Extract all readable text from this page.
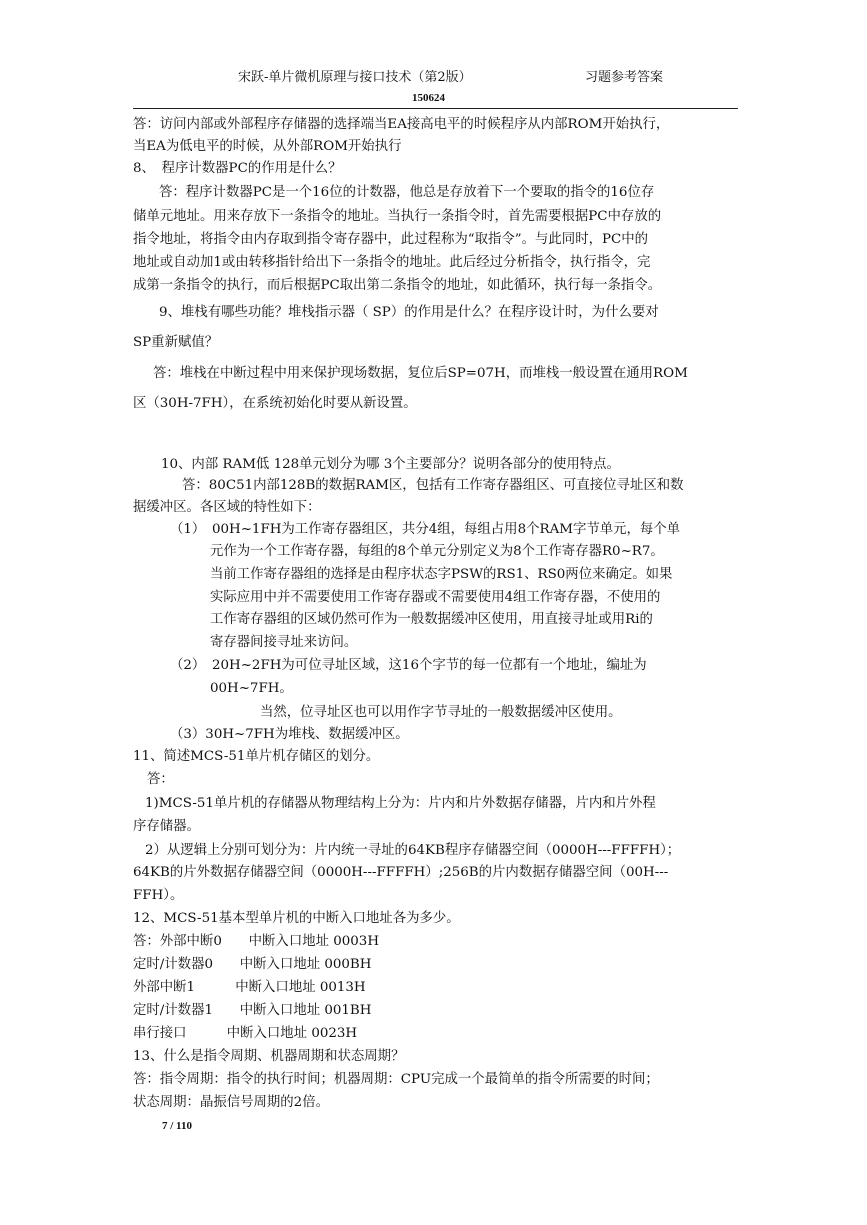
宋跃-单片微机原理与接口技术（第2版）	习题参考答案
150624
答：访问内部或外部程序存储器的选择端当EA接高电平的时候程序从内部ROM开始执行，
当EA为低电平的时候，从外部ROM开始执行
8、　程序计数器PC的作用是什么？
答：程序计数器PC是一个16位的计数器，他总是存放着下一个要取的指令的16位存
储单元地址。用来存放下一条指令的地址。当执行一条指令时，首先需要根据PC中存放的
指令地址，将指令由内存取到指令寄存器中，此过程称为“取指令”。与此同时，PC中的
地址或自动加1或由转移指针给出下一条指令的地址。此后经过分析指令，执行指令，完
成第一条指令的执行，而后根据PC取出第二条指令的地址，如此循环，执行每一条指令。
9、堆栈有哪些功能？堆栈指示器（ SP）的作用是什么？在程序设计时，为什么要对
SP重新赋值？
答：堆栈在中断过程中用来保护现场数据，复位后SP=07H，而堆栈一般设置在通用ROM
区（30H-7FH），在系统初始化时要从新设置。
10、内部 RAM低 128单元划分为哪 3个主要部分？说明各部分的使用特点。
答：80C51内部128B的数据RAM区，包括有工作寄存器组区、可直接位寻址区和数
据缓冲区。各区域的特性如下：
（1）　00H~1FH为工作寄存器组区，共分4组，每组占用8个RAM字节单元，每个单
元作为一个工作寄存器，每组的8个单元分别定义为8个工作寄存器R0~R7。
当前工作寄存器组的选择是由程序状态字PSW的RS1、RS0两位来确定。如果
实际应用中并不需要使用工作寄存器或不需要使用4组工作寄存器，不使用的
工作寄存器组的区域仍然可作为一般数据缓冲区使用，用直接寻址或用Ri的
寄存器间接寻址来访问。
（2）　20H~2FH为可位寻址区域，这16个字节的每一位都有一个地址，编址为
00H~7FH。
当然，位寻址区也可以用作字节寻址的一般数据缓冲区使用。
（3）30H~7FH为堆栈、数据缓冲区。
11、简述MCS-51单片机存储区的划分。
答：
1)MCS-51单片机的存储器从物理结构上分为：片内和片外数据存储器，片内和片外程
序存储器。
2）从逻辑上分别可划分为：片内统一寻址的64KB程序存储器空间（0000H---FFFFH）；
64KB的片外数据存储器空间（0000H---FFFFH）;256B的片内数据存储器空间（00H---
FFH）。
12、MCS-51基本型单片机的中断入口地址各为多少。
答：外部中断0　　中断入口地址 0003H
定时/计数器0　　中断入口地址 000BH
外部中断1　　　中断入口地址 0013H
定时/计数器1　　中断入口地址 001BH
串行接口　　　中断入口地址 0023H
13、什么是指令周期、机器周期和状态周期？
答：指令周期：指令的执行时间；机器周期：CPU完成一个最简单的指令所需要的时间；
状态周期：晶振信号周期的2倍。
7 / 110
